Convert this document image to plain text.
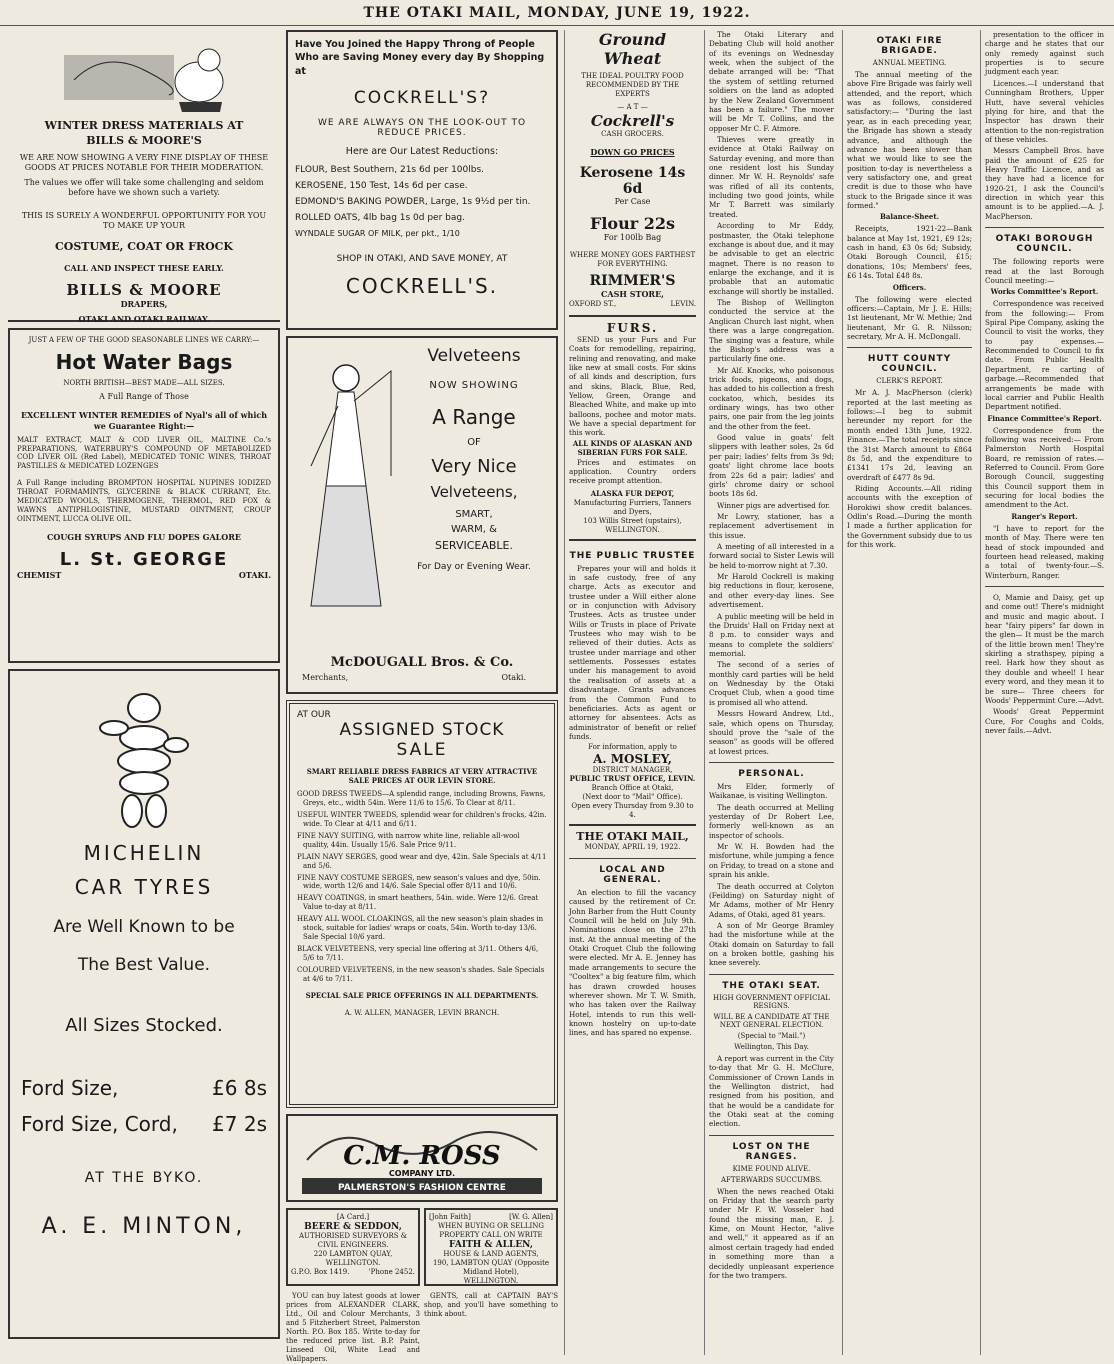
THE OTAKI MAIL, MONDAY, JUNE 19, 1922.
WINTER DRESS MATERIALS AT
BILLS & MOORE'S
WE ARE NOW SHOWING A VERY FINE DISPLAY OF THESE GOODS AT PRICES NOTABLE FOR THEIR MODERATION.
The values we offer will take some challenging and seldom before have we shown such a variety.
THIS IS SURELY A WONDERFUL OPPORTUNITY FOR YOU TO MAKE UP YOUR
COSTUME, COAT OR FROCK
CALL AND INSPECT THESE EARLY.
BILLS & MOORE
DRAPERS,
OTAKI AND OTAKI RAILWAY.
JUST A FEW OF THE GOOD SEASONABLE LINES WE CARRY:—
Hot Water Bags
NORTH BRITISH—BEST MADE—ALL SIZES.
A Full Range of Those
EXCELLENT WINTER REMEDIES of Nyal's all of which we Guarantee Right:—
MALT EXTRACT, MALT & COD LIVER OIL, MALTINE Co.'s PREPARATIONS, WATERBURY'S COMPOUND OF METABOLIZED COD LIVER OIL (Red Label), MEDICATED TONIC WINES, THROAT PASTILLES & MEDICATED LOZENGES
A Full Range including BROMPTON HOSPITAL NUPINES IODIZED THROAT FORMAMINTS, GLYCERINE & BLACK CURRANT, Etc. MEDICATED WOOLS, THERMOGENE, THERMOL, RED FOX & WAWNS ANTIPHLOGISTINE, MUSTARD OINTMENT, CROUP OINTMENT, LUCCA OLIVE OIL.
COUGH SYRUPS AND FLU DOPES GALORE
L. St. GEORGE
CHEMIST	OTAKI.
MICHELIN
CAR TYRES
Are Well Known to be
The Best Value.
All Sizes Stocked.
Ford Size,	£6 8s
Ford Size, Cord, £7 2s
AT THE BYKO.
A. E. MINTON,
Have You Joined the Happy Throng of People Who are Saving Money every day By Shopping at
COCKRELL'S?
WE ARE ALWAYS ON THE LOOK-OUT TO REDUCE PRICES.
Here are Our Latest Reductions:
FLOUR, Best Southern, 21s 6d per 100lbs.
KEROSENE, 150 Test, 14s 6d per case.
EDMOND'S BAKING POWDER, Large, 1s 9½d per tin.
ROLLED OATS, 4lb bag 1s 0d per bag.
WYNDALE SUGAR OF MILK, per pkt., 1/10
SHOP IN OTAKI, AND SAVE MONEY, AT
COCKRELL'S.
Velveteens
NOW SHOWING
A Range
OF
Very Nice
Velveteens,
SMART,
WARM, &
SERVICEABLE.
For Day or Evening Wear.
McDOUGALL Bros. & Co.
Merchants,	Otaki.
AT OUR
ASSIGNED STOCK
SALE
SMART RELIABLE DRESS FABRICS AT VERY ATTRACTIVE SALE PRICES AT OUR LEVIN STORE.
GOOD DRESS TWEEDS—A splendid range, including Browns, Fawns, Greys, etc., width 54in. Were 11/6 to 15/6. To Clear at 8/11.
USEFUL WINTER TWEEDS, splendid wear for children's frocks, 42in. wide. To Clear at 4/11 and 6/11.
FINE NAVY SUITING, with narrow white line, reliable all-wool quality, 44in. Usually 15/6. Sale Price 9/11.
PLAIN NAVY SERGES, good wear and dye, 42in. Sale Specials at 4/11 and 5/6.
FINE NAVY COSTUME SERGES, new season's values and dye, 50in. wide, worth 12/6 and 14/6. Sale Special offer 8/11 and 10/6.
HEAVY COATINGS, in smart heathers, 54in. wide. Were 12/6. Great Value to-day at 8/11.
HEAVY ALL WOOL CLOAKINGS, all the new season's plain shades in stock, suitable for ladies' wraps or coats, 54in. Worth to-day 13/6. Sale Special 10/6 yard.
BLACK VELVETEENS, very special line offering at 3/11. Others 4/6, 5/6 to 7/11.
COLOURED VELVETEENS, in the new season's shades. Sale Specials at 4/6 to 7/11.
SPECIAL SALE PRICE OFFERINGS IN ALL DEPARTMENTS.
A. W. ALLEN, MANAGER, LEVIN BRANCH.
C.M. ROSS
COMPANY LTD.
PALMERSTON'S FASHION CENTRE
[A Card.]
BEERE & SEDDON,
AUTHORISED SURVEYORS & CIVIL ENGINEERS.
220 LAMBTON QUAY, WELLINGTON.
G.P.O. Box 1419.	'Phone 2452.
[John Faith]	[W. G. Allen]
WHEN BUYING OR SELLING PROPERTY CALL ON WRITE
FAITH & ALLEN,
HOUSE & LAND AGENTS,
190, LAMBTON QUAY (Opposite Midland Hotel),
WELLINGTON.
YOU can buy latest goods at lower prices from ALEXANDER CLARK, Ltd., Oil and Colour Merchants, 3 and 5 Fitzherbert Street, Palmerston North. P.O. Box 185. Write to-day for the reduced price list. B.P. Paint, Linseed Oil, White Lead and Wallpapers.
GENTS, call at CAPTAIN BAY'S shop, and you'll have something to think about.
Ground Wheat
THE IDEAL POULTRY FOOD RECOMMENDED BY THE EXPERTS
— A T —
Cockrell's
CASH GROCERS.
DOWN GO PRICES
Kerosene 14s 6d
Per Case
Flour 22s
For 100lb Bag
WHERE MONEY GOES FARTHEST FOR EVERYTHING.
RIMMER'S
CASH STORE,
OXFORD ST.,	LEVIN.
FURS.
SEND us your Furs and Fur Coats for remodelling, repairing, relining and renovating, and make like new at small costs. For skins of all kinds and description, furs and skins, Black, Blue, Red, Yellow, Green, Orange and Bleached White, and make up into balloons, pochee and motor mats. We have a special department for this work.
ALL KINDS OF ALASKAN AND SIBERIAN FURS FOR SALE.
Prices and estimates on application. Country orders receive prompt attention.
ALASKA FUR DEPOT,
Manufacturing Furriers, Tanners and Dyers,
103 Willis Street (upstairs), WELLINGTON.
THE PUBLIC TRUSTEE
Prepares your will and holds it in safe custody, free of any charge. Acts as executor and trustee under a Will either alone or in conjunction with Advisory Trustees. Acts as trustee under Wills or Trusts in place of Private Trustees who may wish to be relieved of their duties. Acts as trustee under marriage and other settlements. Possesses estates under his management to avoid the realisation of assets at a disadvantage. Grants advances from the Common Fund to beneficiaries. Acts as agent or attorney for absentees. Acts as administrator of benefit or relief funds.
For information, apply to
A. MOSLEY,
DISTRICT MANAGER,
PUBLIC TRUST OFFICE, LEVIN.
Branch Office at Otaki,
(Next door to "Mail" Office).
Open every Thursday from 9.30 to 4.
THE OTAKI MAIL,
MONDAY, APRIL 19, 1922.
LOCAL AND GENERAL.
An election to fill the vacancy caused by the retirement of Cr. John Barber from the Hutt County Council will be held on July 9th. Nominations close on the 27th inst. At the annual meeting of the Otaki Croquet Club the following were elected. Mr A. E. Jenney has made arrangements to secure the "Cooltex" a big feature film, which has drawn crowded houses wherever shown. Mr T. W. Smith, who has taken over the Railway Hotel, intends to run this well-known hostelry on up-to-date lines, and has spared no expense.
The Otaki Literary and Debating Club will hold another of its evenings on Wednesday week, when the subject of the debate arranged will be: "That the system of settling returned soldiers on the land as adopted by the New Zealand Government has been a failure." The mover will be Mr T. Collins, and the opposer Mr C. F. Atmore.
Thieves were greatly in evidence at Otaki Railway on Saturday evening, and more than one resident lost his Sunday dinner. Mr W. H. Reynolds' safe was rifled of all its contents, including two good joints, while Mr T. Barrett was similarly treated.
According to Mr Eddy, postmaster, the Otaki telephone exchange is about due, and it may be advisable to get an electric magnet. There is no reason to enlarge the exchange, and it is probable that an automatic exchange will shortly be installed.
The Bishop of Wellington conducted the service at the Anglican Church last night, when there was a large congregation. The singing was a feature, while the Bishop's address was a particularly fine one.
Mr Alf. Knocks, who poisonous trick foods, pigeons, and dogs, has added to his collection a fresh cockatoo, which, besides its ordinary wings, has two other pairs, one pair from the leg joints and the other from the feet.
Good value in goats' felt slippers with leather soles, 2s 6d per pair; ladies' felts from 3s 9d; goats' light chrome lace boots from 22s 6d a pair; ladies' and girls' chrome dairy or school boots 18s 6d.
Winner pigs are advertised for.
Mr Lowry, stationer, has a replacement advertisement in this issue.
A meeting of all interested in a forward social to Sister Lewis will be held to-morrow night at 7.30.
Mr Harold Cockrell is making big reductions in flour, kerosene, and other every-day lines. See advertisement.
A public meeting will be held in the Druids' Hall on Friday next at 8 p.m. to consider ways and means to complete the soldiers' memorial.
The second of a series of monthly card parties will be held on Wednesday by the Otaki Croquet Club, when a good time is promised all who attend.
Messrs Howard Andrew, Ltd., sale, which opens on Thursday, should prove the "sale of the season" as goods will be offered at lowest prices.
PERSONAL.
Mrs Elder, formerly of Waikanae, is visiting Wellington.
The death occurred at Melling yesterday of Dr Robert Lee, formerly well-known as an inspector of schools.
Mr W. H. Bowden had the misfortune, while jumping a fence on Friday, to tread on a stone and sprain his ankle.
The death occurred at Colyton (Feilding) on Saturday night of Mr Adams, mother of Mr Henry Adams, of Otaki, aged 81 years.
A son of Mr George Bramley had the misfortune while at the Otaki domain on Saturday to fall on a broken bottle, gashing his knee severely.
THE OTAKI SEAT.
HIGH GOVERNMENT OFFICIAL RESIGNS.
WILL BE A CANDIDATE AT THE NEXT GENERAL ELECTION.
(Special to "Mail.")
Wellington, This Day.
A report was current in the City to-day that Mr G. H. McClure, Commissioner of Crown Lands in the Wellington district, had resigned from his position, and that he would be a candidate for the Otaki seat at the coming election.
LOST ON THE RANGES.
KIME FOUND ALIVE.
AFTERWARDS SUCCUMBS.
When the news reached Otaki on Friday that the search party under Mr F. W. Vosseler had found the missing man, E. J. Kime, on Mount Hector, "alive and well," it appeared as if an almost certain tragedy had ended in something more than a decidedly unpleasant experience for the two trampers.
OTAKI FIRE BRIGADE.
ANNUAL MEETING.
The annual meeting of the above Fire Brigade was fairly well attended, and the report, which was as follows, considered satisfactory:— "During the last year, as in each preceding year, the Brigade has shown a steady advance, and although the advance has been slower than what we would like to see the position to-day is nevertheless a very satisfactory one, and great credit is due to those who have stuck to the Brigade since it was formed."
Balance-Sheet.
Receipts, 1921-22—Bank balance at May 1st, 1921, £9 12s; cash in hand, £3 0s 6d; Subsidy, Otaki Borough Council, £15; donations, 10s; Members' fees, £6 14s. Total £48 8s.
Officers.
The following were elected officers:—Captain, Mr J. E. Hills; 1st lieutenant, Mr W. Methie; 2nd lieutenant, Mr G. R. Nilsson; secretary, Mr A. H. McDongall.
HUTT COUNTY COUNCIL.
CLERK'S REPORT.
Mr A. J. MacPherson (clerk) reported at the last meeting as follows:—I beg to submit hereunder my report for the month ended 13th June, 1922. Finance.—The total receipts since the 31st March amount to £864 8s 5d, and the expenditure to £1341 17s 2d, leaving an overdraft of £477 8s 9d.
Riding Accounts.—All riding accounts with the exception of Horokiwi show credit balances. Odlin's Road.—During the month I made a further application for the Government subsidy due to us for this work.
presentation to the officer in charge and he states that our only remedy against such properties is to secure judgment each year.
Licences.—I understand that Cunningham Brothers, Upper Hutt, have several vehicles plying for hire, and that the Inspector has drawn their attention to the non-registration of these vehicles.
Messrs Campbell Bros. have paid the amount of £25 for Heavy Traffic Licence, and as they have had a licence for 1920-21, I ask the Council's direction in which year this amount is to be applied.—A. J. MacPherson.
OTAKI BOROUGH COUNCIL.
The following reports were read at the last Borough Council meeting:—
Works Committee's Report.
Correspondence was received from the following:— From Spiral Pipe Company, asking the Council to visit the works, they to pay expenses.—Recommended to Council to fix date. From Public Health Department, re carting of garbage.—Recommended that arrangements be made with local carrier and Public Health Department notified.
Finance Committee's Report.
Correspondence from the following was received:— From Palmerston North Hospital Board, re remission of rates.—Referred to Council. From Gore Borough Council, suggesting this Council support them in securing for local bodies the amendment to the Act.
Ranger's Report.
"I have to report for the month of May. There were ten head of stock impounded and fourteen head released, making a total of twenty-four.—S. Winterburn, Ranger.
O, Mamie and Daisy, get up and come out! There's midnight and music and magic about. I hear "fairy pipers" far down in the glen— It must be the march of the little brown men! They're skirling a strathspey, piping a reel. Hark how they shout as they double and wheel! I hear every word, and they mean it to be sure— Three cheers for Woods' Peppermint Cure.—Advt.
Woods' Great Peppermint Cure, For Coughs and Colds, never fails.—Advt.
